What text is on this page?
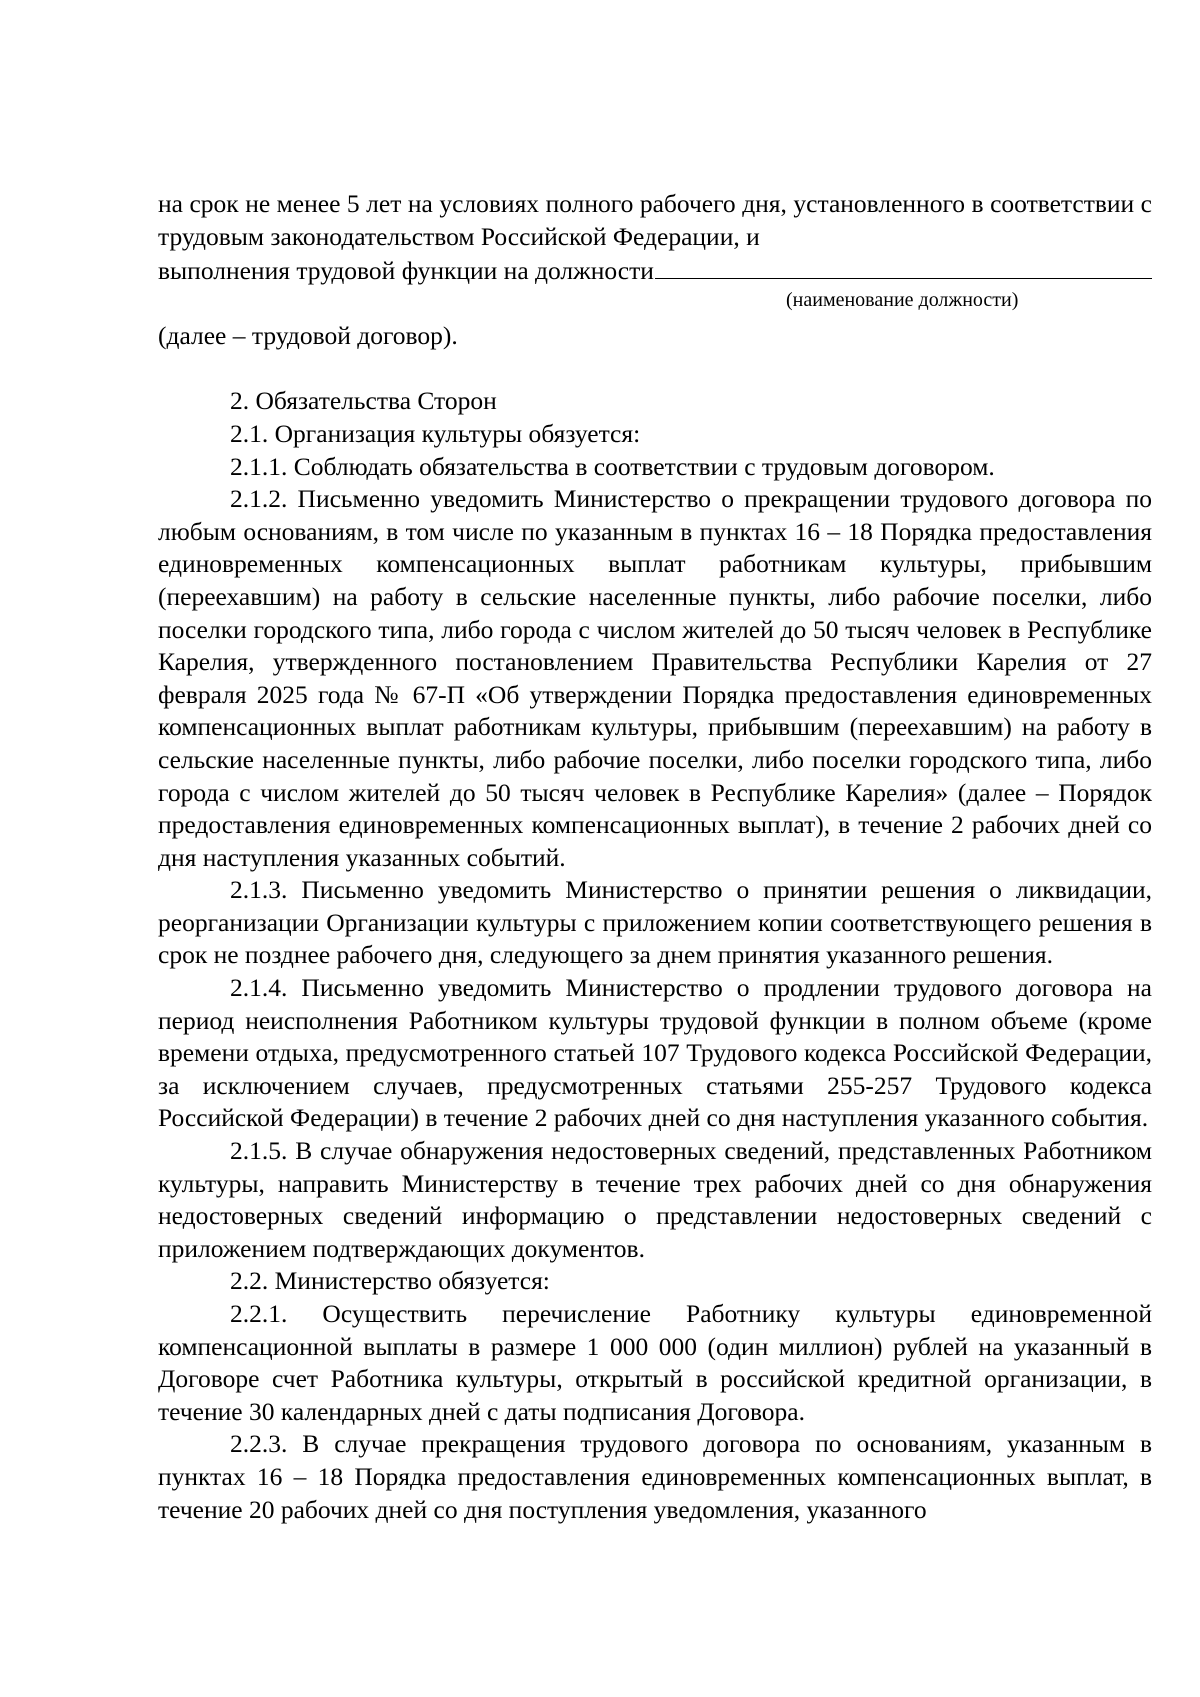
на срок не менее 5 лет на условиях полного рабочего дня, установленного в соответствии с трудовым законодательством Российской Федерации, и

выполнения трудовой функции на должности
(наименование должности)

(далее – трудовой договор).

2. Обязательства Сторон

2.1. Организация культуры обязуется:

2.1.1. Соблюдать обязательства в соответствии с трудовым договором.

2.1.2. Письменно уведомить Министерство о прекращении трудового договора по любым основаниям, в том числе по указанным в пунктах 16 – 18 Порядка предоставления единовременных компенсационных выплат работникам культуры, прибывшим (переехавшим) на работу в сельские населенные пункты, либо рабочие поселки, либо поселки городского типа, либо города с числом жителей до 50 тысяч человек в Республике Карелия, утвержденного постановлением Правительства Республики Карелия от 27 февраля 2025 года № 67-П «Об утверждении Порядка предоставления единовременных компенсационных выплат работникам культуры, прибывшим (переехавшим) на работу в сельские населенные пункты, либо рабочие поселки, либо поселки городского типа, либо города с числом жителей до 50 тысяч человек в Республике Карелия» (далее – Порядок предоставления единовременных компенсационных выплат), в течение 2 рабочих дней со дня наступления указанных событий.

2.1.3. Письменно уведомить Министерство о принятии решения о ликвидации, реорганизации Организации культуры с приложением копии соответствующего решения в срок не позднее рабочего дня, следующего за днем принятия указанного решения.

2.1.4. Письменно уведомить Министерство о продлении трудового договора на период неисполнения Работником культуры трудовой функции в полном объеме (кроме времени отдыха, предусмотренного статьей 107 Трудового кодекса Российской Федерации, за исключением случаев, предусмотренных статьями 255-257 Трудового кодекса Российской Федерации) в течение 2 рабочих дней со дня наступления указанного события.

2.1.5. В случае обнаружения недостоверных сведений, представленных Работником культуры, направить Министерству в течение трех рабочих дней со дня обнаружения недостоверных сведений информацию о представлении недостоверных сведений с приложением подтверждающих документов.

2.2. Министерство обязуется:

2.2.1. Осуществить перечисление Работнику культуры единовременной компенсационной выплаты в размере 1 000 000 (один миллион) рублей на указанный в Договоре счет Работника культуры, открытый в российской кредитной организации, в течение 30 календарных дней с даты подписания Договора.

2.2.3. В случае прекращения трудового договора по основаниям, указанным в пунктах 16 – 18 Порядка предоставления единовременных компенсационных выплат, в течение 20 рабочих дней со дня поступления уведомления, указанного
